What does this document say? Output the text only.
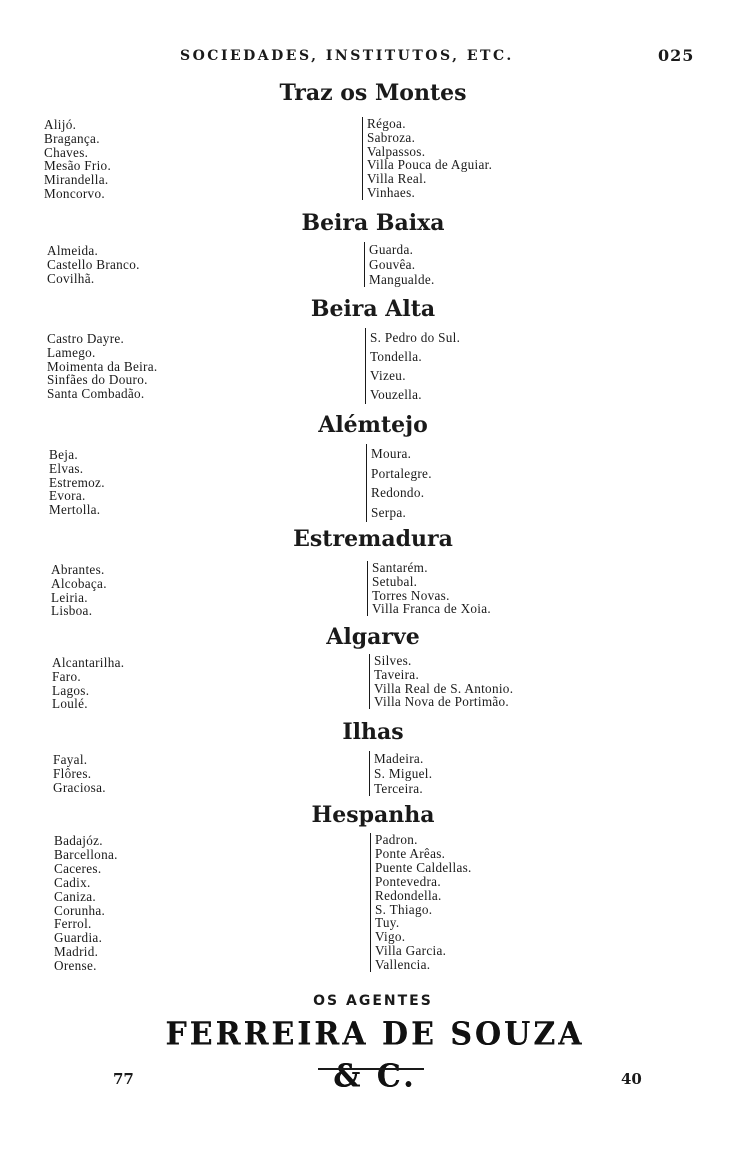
SOCIEDADES, INSTITUTOS, ETC.	025
Traz os Montes
Alijó.
Bragança.
Chaves.
Mesão Frio.
Mirandella.
Moncorvo.
Régoa.
Sabroza.
Valpassos.
Villa Pouca de Aguiar.
Villa Real.
Vinhaes.
Beira Baixa
Almeida.
Castello Branco.
Covilhã.
Guarda.
Gouvêa.
Mangualde.
Beira Alta
Castro Dayre.
Lamego.
Moimenta da Beira.
Sinfães do Douro.
Santa Combadão.
S. Pedro do Sul.
Tondella.
Vizeu.
Vouzella.
Alémtejo
Beja.
Elvas.
Estremoz.
Evora.
Mertolla.
Moura.
Portalegre.
Redondo.
Serpa.
Estremadura
Abrantes.
Alcobaça.
Leiria.
Lisboa.
Santarém.
Setubal.
Torres Novas.
Villa Franca de Xoia.
Algarve
Alcantarilha.
Faro.
Lagos.
Loulé.
Silves.
Taveira.
Villa Real de S. Antonio.
Villa Nova de Portimão.
Ilhas
Fayal.
Flôres.
Graciosa.
Madeira.
S. Miguel.
Terceira.
Hespanha
Badajóz.
Barcellona.
Caceres.
Cadix.
Caniza.
Corunha.
Ferrol.
Guardia.
Madrid.
Orense.
Padron.
Ponte Arêas.
Puente Caldellas.
Pontevedra.
Redondella.
S. Thiago.
Tuy.
Vigo.
Villa Garcia.
Vallencia.
OS AGENTES
FERREIRA DE SOUZA & C.
77	40
